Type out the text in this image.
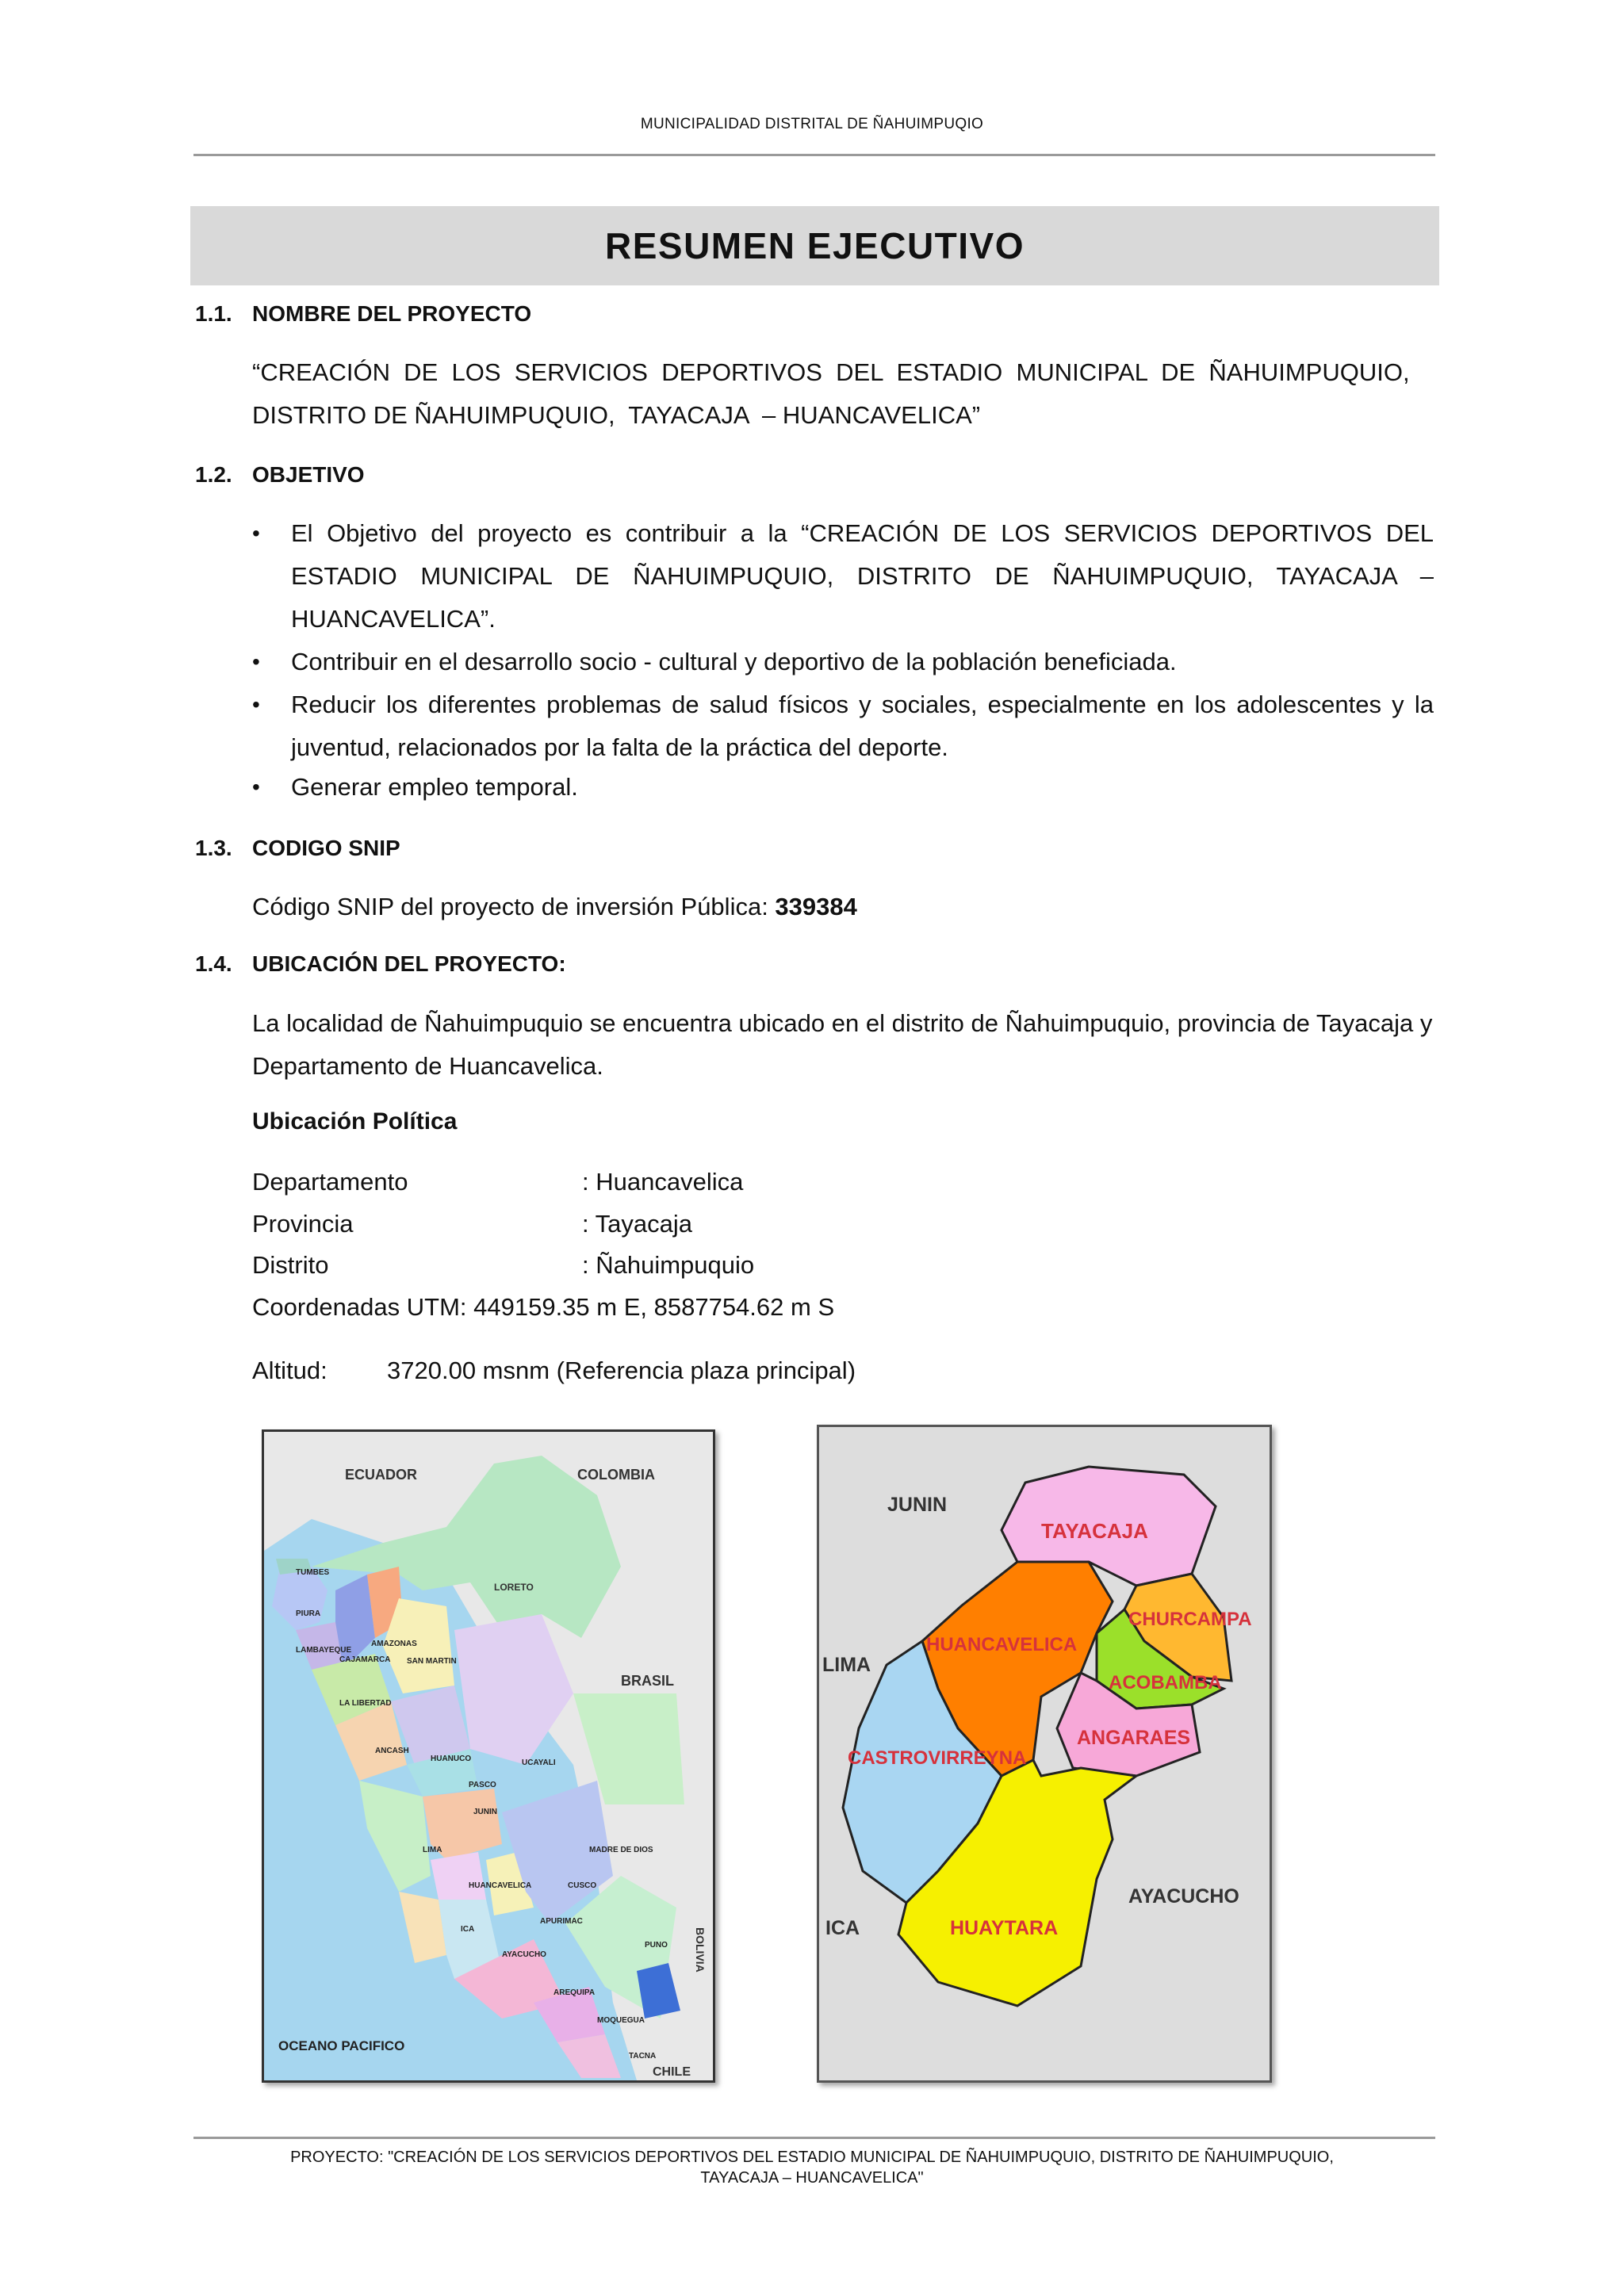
MUNICIPALIDAD DISTRITAL DE ÑAHUIMPUQIO
RESUMEN EJECUTIVO
1.1. NOMBRE DEL PROYECTO
“CREACIÓN  DE  LOS  SERVICIOS  DEPORTIVOS  DEL  ESTADIO  MUNICIPAL  DE  ÑAHUIMPUQUIO,
DISTRITO DE ÑAHUIMPUQUIO,  TAYACAJA  – HUANCAVELICA”
1.2. OBJETIVO
•	El Objetivo del proyecto es contribuir a la “CREACIÓN DE LOS SERVICIOS DEPORTIVOS DEL ESTADIO MUNICIPAL DE ÑAHUIMPUQUIO, DISTRITO DE ÑAHUIMPUQUIO, TAYACAJA – HUANCAVELICA”.
•	Contribuir en el desarrollo socio - cultural y deportivo de la población beneficiada.
•	Reducir los diferentes problemas de salud físicos y sociales, especialmente en los adolescentes y la juventud, relacionados por la falta de la práctica del deporte.
•	Generar empleo temporal.
1.3. CODIGO SNIP
Código SNIP del proyecto de inversión Pública: 339384
1.4. UBICACIÓN DEL PROYECTO:
La localidad de Ñahuimpuquio se encuentra ubicado en el distrito de Ñahuimpuquio, provincia de Tayacaja y Departamento de Huancavelica.
Ubicación Política
Departamento	: Huancavelica
Provincia	: Tayacaja
Distrito	: Ñahuimpuquio
Coordenadas UTM: 449159.35 m E, 8587754.62 m S
Altitud: 3720.00 msnm (Referencia plaza principal)
ECUADOR	COLOMBIA
LORETO
BRASIL
TUMBES
PIURA
LAMBAYEQUE
CAJAMARCA
AMAZONAS
SAN MARTIN
LA LIBERTAD
ANCASH
HUANUCO	UCAYALI
PASCO
LIMA
JUNIN
HUANCAVELICA	CUSCO
MADRE DE DIOS
ICA
APURIMAC
AYACUCHO
AREQUIPA
PUNO
MOQUEGUA
TACNA
CHILE
BOLIVIA
OCEANO PACIFICO
JUNIN
LIMA
ICA
AYACUCHO
TAYACAJA
HUANCAVELICA
CHURCAMPA
ACOBAMBA
ANGARAES
CASTROVIRREYNA
HUAYTARA
PROYECTO: "CREACIÓN DE LOS SERVICIOS DEPORTIVOS DEL ESTADIO MUNICIPAL DE ÑAHUIMPUQUIO, DISTRITO DE ÑAHUIMPUQUIO,
TAYACAJA – HUANCAVELICA"
